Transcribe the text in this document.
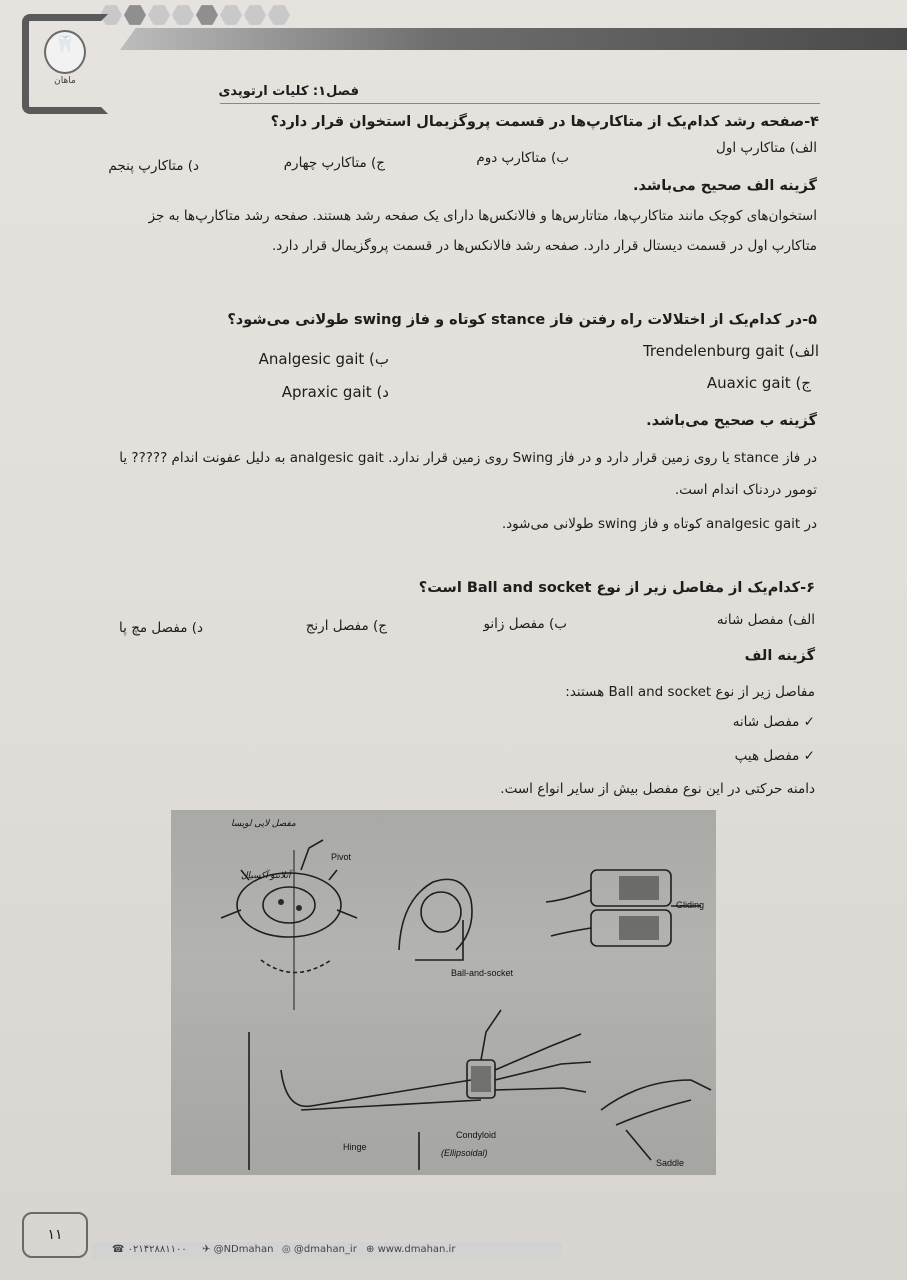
🦷
ماهان
فصل۱: کلیات ارتوپدی
۴-صفحه رشد کدام‌یک از متاکارپ‌ها در قسمت پروگزیمال استخوان قرار دارد؟
الف) متاکارپ اول
ب) متاکارپ دوم
ج) متاکارپ چهارم
د) متاکارپ پنجم
گزینه الف صحیح می‌باشد.
استخوان‌های کوچک مانند متاکارپ‌ها، متاتارس‌ها و فالانکس‌ها دارای یک صفحه رشد هستند. صفحه رشد متاکارپ‌ها به جز
متاکارپ اول در قسمت دیستال قرار دارد. صفحه رشد فالانکس‌ها در قسمت پروگزیمال قرار دارد.
۵-در کدام‌یک از اختلالات راه رفتن فاز stance کوتاه و فاز swing طولانی می‌شود؟
الف) Trendelenburg gait
ب) Analgesic gait
ج) Auaxic gait
د) Apraxic gait
گزینه ب صحیح می‌باشد.
در فاز stance یا روی زمین قرار دارد و در فاز Swing روی زمین قرار ندارد. analgesic gait به دلیل عفونت اندام ????? یا
تومور دردناک اندام است.
در analgesic gait کوتاه و فاز swing طولانی می‌شود.
۶-کدام‌یک از مفاصل زیر از نوع Ball and socket است؟
الف) مفصل شانه
ب) مفصل زانو
ج) مفصل ارنج
د) مفصل مچ پا
گزینه الف
مفاصل زیر از نوع Ball and socket هستند:
✓ مفصل شانه
✓ مفصل هیپ
دامنه حرکتی در این نوع مفصل بیش از سایر انواع است.
Pivot
Ball-and-socket
Gliding
Hinge
Condyloid
Saddle
مفصل لایی لویسا
آتلانتو آکسیال
(Ellipsoidal)
۱۱
☎ ۰۲۱۴۲۸۸۱۱۰۰ ✈ @NDmahan ◎ @dmahan_ir ⊕ www.dmahan.ir
